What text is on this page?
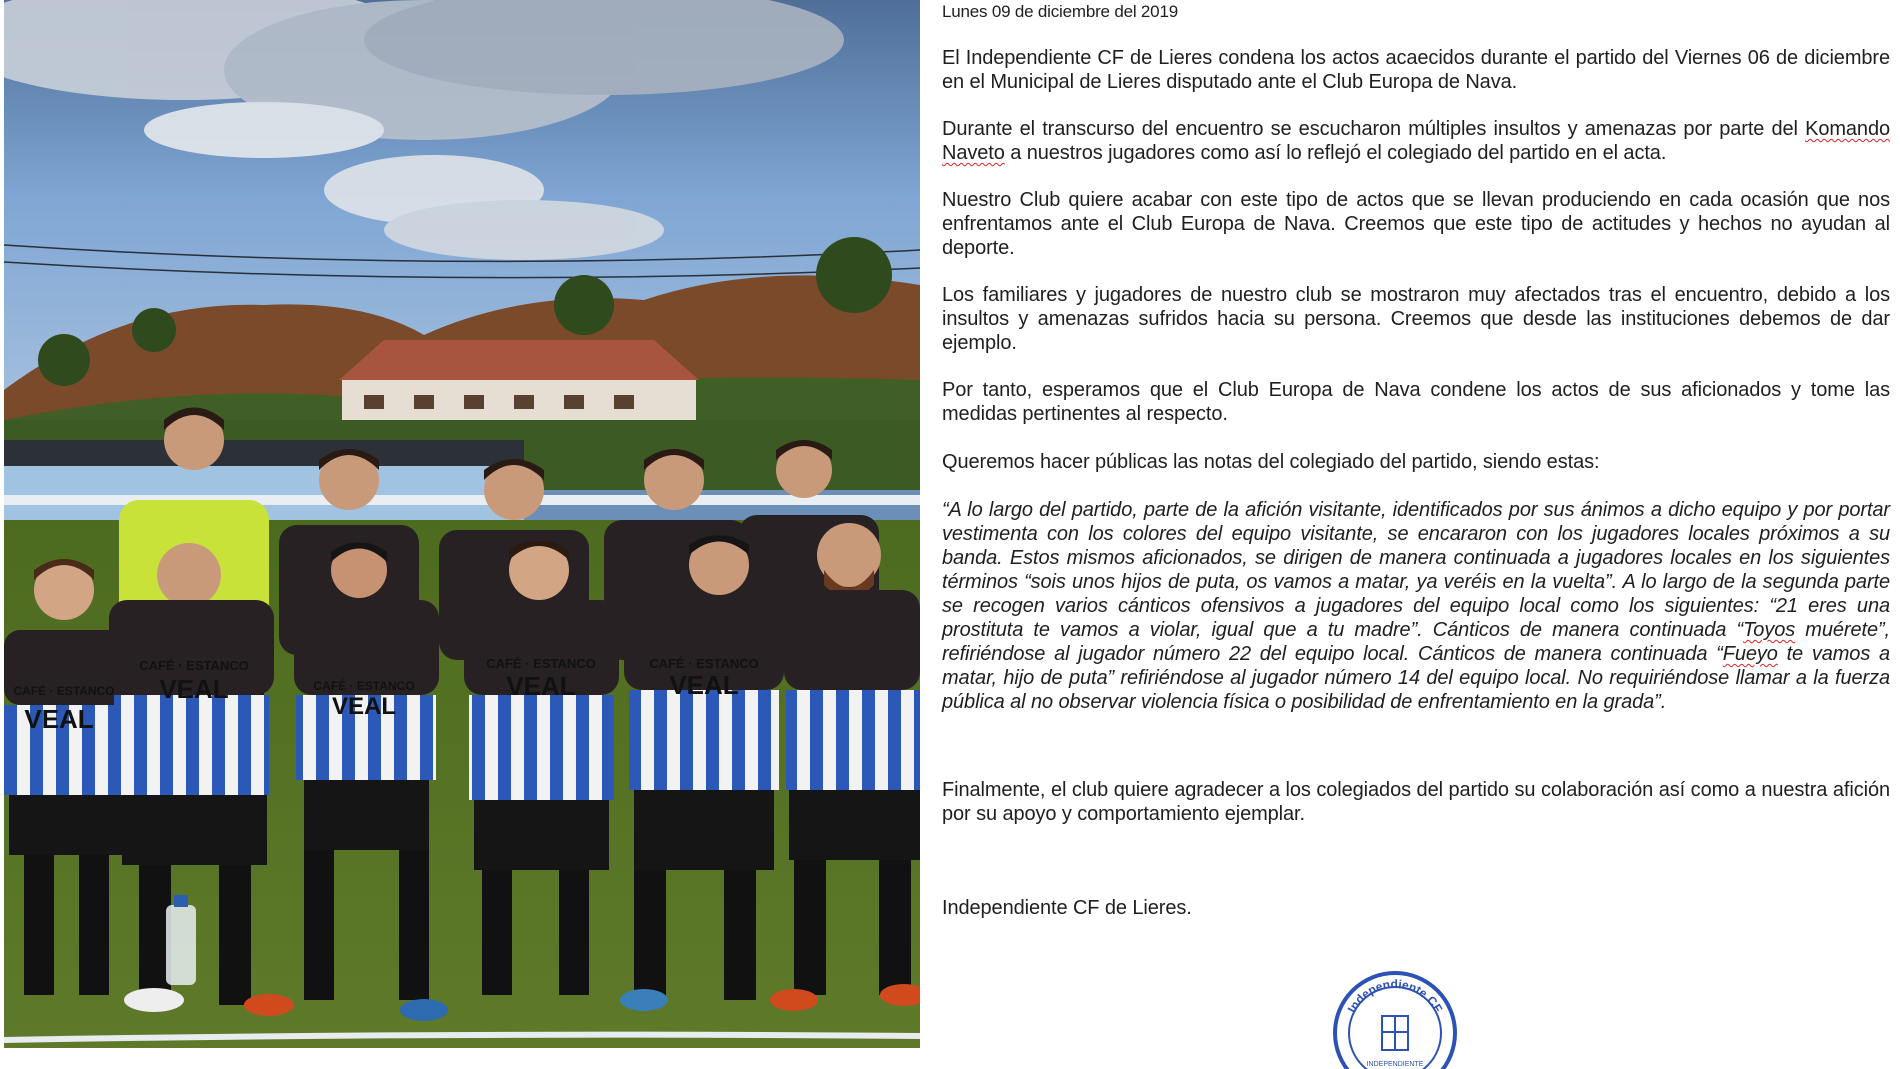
CAFÉ · ESTANCO
VEAL	CAFÉ · ESTANCO
VEAL
CAFÉ · ESTANCO
VEAL
CAFÉ · ESTANCO
VEAL
CAFÉ · ESTANCO
VEAL
Lunes 09 de diciembre del 2019

El Independiente CF de Lieres condena los actos acaecidos durante el partido del Viernes 06 de diciembre en el Municipal de Lieres disputado ante el Club Europa de Nava.

Durante el transcurso del encuentro se escucharon múltiples insultos y amenazas por parte del Komando Naveto a nuestros jugadores como así lo reflejó el colegiado del partido en el acta.

Nuestro Club quiere acabar con este tipo de actos que se llevan produciendo en cada ocasión que nos enfrentamos ante el Club Europa de Nava. Creemos que este tipo de actitudes y hechos no ayudan al deporte.

Los familiares y jugadores de nuestro club se mostraron muy afectados tras el encuentro, debido a los insultos y amenazas sufridos hacia su persona. Creemos que desde las instituciones debemos de dar ejemplo.

Por tanto, esperamos que el Club Europa de Nava condene los actos de sus aficionados y tome las medidas pertinentes al respecto.

Queremos hacer públicas las notas del colegiado del partido, siendo estas:

“A lo largo del partido, parte de la afición visitante, identificados por sus ánimos a dicho equipo y por portar vestimenta con los colores del equipo visitante, se encararon con los jugadores locales próximos a su banda. Estos mismos aficionados, se dirigen de manera continuada a jugadores locales en los siguientes términos “sois unos hijos de puta, os vamos a matar, ya veréis en la vuelta”. A lo largo de la segunda parte se recogen varios cánticos ofensivos a jugadores del equipo local como los siguientes: “21 eres una prostituta te vamos a violar, igual que a tu madre”. Cánticos de manera continuada “Toyos muérete”, refiriéndose al jugador número 22 del equipo local. Cánticos de manera continuada “Fueyo te vamos a matar, hijo de puta” refiriéndose al jugador número 14 del equipo local. No requiriéndose llamar a la fuerza pública al no observar violencia física o posibilidad de enfrentamiento en la grada”.

Finalmente, el club quiere agradecer a los colegiados del partido su colaboración así como a nuestra afición por su apoyo y comportamiento ejemplar.

Independiente CF de Lieres.

Independiente CF
INDEPENDIENTE
